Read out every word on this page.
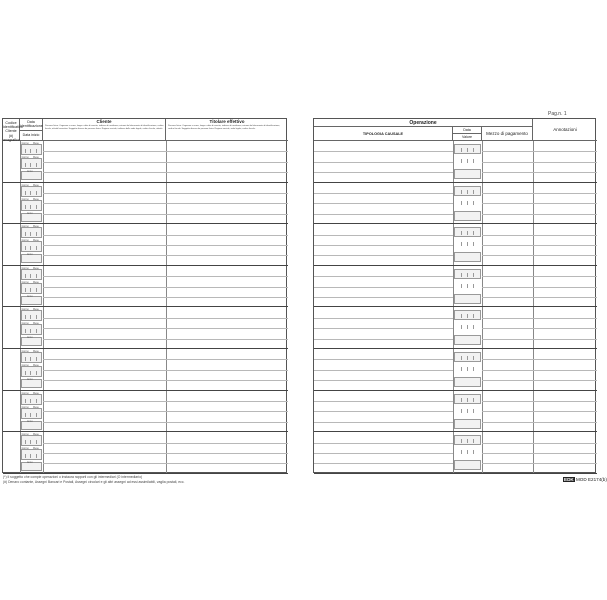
Pag.n. 1
Codice identificativo Cliente (#) anagrafico
Data identificazione
Data inizio
Cliente
Persona fisica: Cognome e nome, luogo e data di nascita, indirizzo di residenza, estremi del documento di identificazione, codice fiscale, attività lavorativa. Soggetto diverso da persona fisica: Ragione sociale, indirizzo della sede legale, codice fiscale, attività.
Titolare effettivo
Persona fisica: Cognome e nome, luogo e data di nascita, indirizzo di residenza, estremi del documento di identificazione, codice fiscale. Soggetto diverso da persona fisica: Ragione sociale, sede legale, codice fiscale.
Giorno Mese
Giorno Mese
Anno
Giorno Mese
Giorno Mese
Anno
Giorno Mese
Giorno Mese
Anno
Giorno Mese
Giorno Mese
Anno
Giorno Mese
Giorno Mese
Anno
Giorno Mese
Giorno Mese
Anno
Giorno Mese
Giorno Mese
Anno
Giorno Mese
Giorno Mese
Anno
Operazione
TIPOLOGIA CAUSALE
Data
Valore
Mezzo di pagamento
Annotazioni
(*) Il soggetto che compie operazioni o instaura rapporti con gli intermediari (O intermediario)
(#) Denaro contante, Assegni Bancari e Postali, Assegni circolari e gli altri assegni ad essi assimilabili, vaglia postali, ecc.	EDK MOD E2174(b)
